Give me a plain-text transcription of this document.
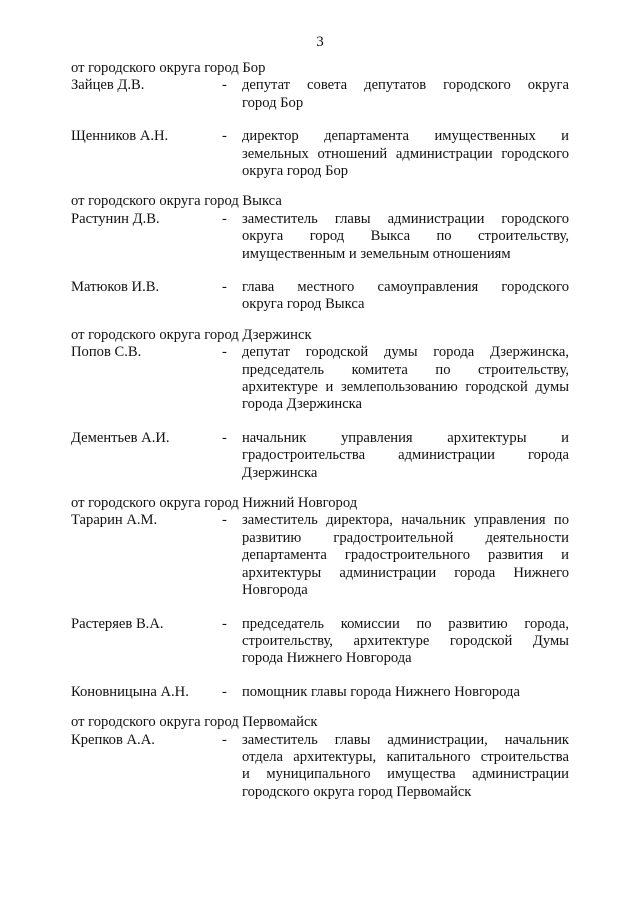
3
от городского округа город Бор
Зайцев Д.В.	-	депутат совета депутатов городского округа
город Бор
Щенников А.Н.	-	директор департамента имущественных и
земельных отношений администрации городского
округа город Бор
от городского округа город Выкса
Растунин Д.В.	-	заместитель главы администрации городского
округа город Выкса по строительству,
имущественным и земельным отношениям
Матюков И.В.	-	глава местного самоуправления городского
округа город Выкса
от городского округа город Дзержинск
Попов С.В.	-	депутат городской думы города Дзержинска,
председатель комитета по строительству,
архитектуре и землепользованию городской думы
города Дзержинска
Дементьев А.И.	-	начальник управления архитектуры и
градостроительства администрации города
Дзержинска
от городского округа город Нижний Новгород
Тарарин А.М.	-	заместитель директора, начальник управления по
развитию градостроительной деятельности
департамента градостроительного развития и
архитектуры администрации города Нижнего
Новгорода
Растеряев В.А.	-	председатель комиссии по развитию города,
строительству, архитектуре городской Думы
города Нижнего Новгорода
Коновницына А.Н.	-	помощник главы города Нижнего Новгорода
от городского округа город Первомайск
Крепков А.А.	-	заместитель главы администрации, начальник
отдела архитектуры, капитального строительства
и муниципального имущества администрации
городского округа город Первомайск
